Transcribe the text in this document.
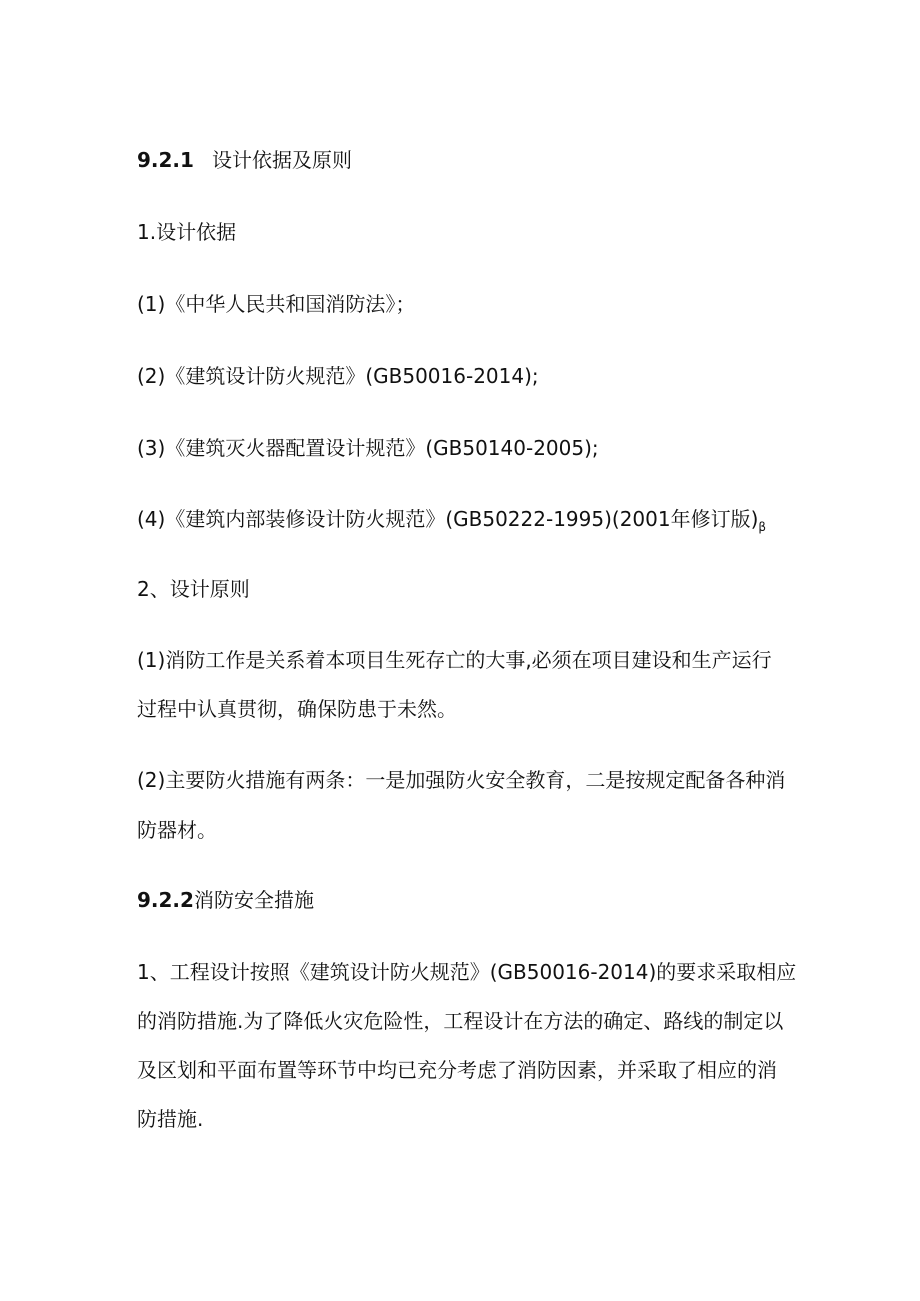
9.2.1 设计依据及原则
1.设计依据
(1)《中华人民共和国消防法》；
(2)《建筑设计防火规范》(GB50016-2014);
(3)《建筑灭火器配置设计规范》(GB50140-2005);
(4)《建筑内部装修设计防火规范》(GB50222-1995)(2001年修订版)$_\beta$
2、设计原则
(1)消防工作是关系着本项目生死存亡的大事,必须在项目建设和生产运行
过程中认真贯彻，确保防患于未然。
(2)主要防火措施有两条：一是加强防火安全教育，二是按规定配备各种消
防器材。
9.2.2消防安全措施
1、工程设计按照《建筑设计防火规范》(GB50016-2014)的要求采取相应
的消防措施.为了降低火灾危险性，工程设计在方法的确定、路线的制定以
及区划和平面布置等环节中均已充分考虑了消防因素，并采取了相应的消
防措施.
